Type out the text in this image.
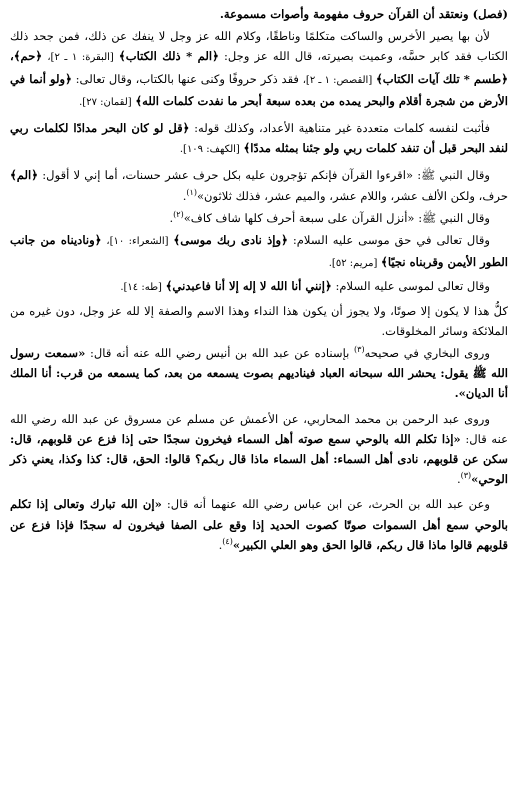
(فصل) ونعتقد أن القرآن حروف مفهومة وأصوات مسموعة.

لأن بها يصير الأخرس والساكت متكلمًا وناطقًا، وكلام الله عز وجل لا ينفك عن ذلك، فمن جحد ذلك الكتاب فقد كابر حسَّه، وعميت بصيرته، قال الله عز وجل: ﴿الم * ذلك الكتاب﴾ [البقرة: ١ ـ ٢]، ﴿حم﴾، ﴿طسم * تلك آيات الكتاب﴾ [القصص: ١ ـ ٢]، فقد ذكر حروفًا وكنى عنها بالكتاب، وقال تعالى: ﴿ولو أنما في الأرض من شجرة أقلام والبحر يمده من بعده سبعة أبحر ما نفدت كلمات الله﴾ [لقمان: ٢٧].

فأثبت لنفسه كلمات متعددة غير متناهية الأعداد، وكذلك قوله: ﴿قل لو كان البحر مدادًا لكلمات ربي لنفد البحر قبل أن تنفد كلمات ربي ولو جئنا بمثله مددًا﴾ [الكهف: ١٠٩].

وقال النبي ﷺ: «اقرءوا القرآن فإنكم تؤجرون عليه بكل حرف عشر حسنات، أما إني لا أقول: ﴿الم﴾ حرف، ولكن الألف عشر، واللام عشر، والميم عشر، فذلك ثلاثون»$^{(١)}$.

وقال النبي ﷺ: «أنزل القرآن على سبعة أحرف كلها شاف كاف»$^{(٢)}$.

وقال تعالى في حق موسى عليه السلام: ﴿وإذ نادى ربك موسى﴾ [الشعراء: ١٠]، ﴿وناديناه من جانب الطور الأيمن وقربناه نجيًا﴾ [مريم: ٥٢].

وقال تعالى لموسى عليه السلام: ﴿إنني أنا الله لا إله إلا أنا فاعبدني﴾ [طه: ١٤].

كلُّ هذا لا يكون إلا صوتًا، ولا يجوز أن يكون هذا النداء وهذا الاسم والصفة إلا لله عز وجل، دون غيره من الملائكة وسائر المخلوقات.

وروى البخاري في صحيحه$^{(٣)}$ بإسناده عن عبد الله بن أنيس رضي الله عنه أنه قال: «سمعت رسول الله ﷺ يقول: يحشر الله سبحانه العباد فيناديهم بصوت يسمعه من بعد، كما يسمعه من قرب: أنا الملك أنا الديان».

وروى عبد الرحمن بن محمد المحاربي، عن الأعمش عن مسلم عن مسروق عن عبد الله رضي الله عنه قال: «إذا تكلم الله بالوحي سمع صوته أهل السماء فيخرون سجدًا حتى إذا فزع عن قلوبهم، قال: سكن عن قلوبهم، نادى أهل السماء: أهل السماء ماذا قال ربكم؟ قالوا: الحق، قال: كذا وكذا، يعني ذكر الوحي»$^{(٣)}$.

وعن عبد الله بن الحرث، عن ابن عباس رضي الله عنهما أنه قال: «إن الله تبارك وتعالى إذا تكلم بالوحي سمع أهل السموات صوتًا كصوت الحديد إذا وقع على الصفا فيخرون له سجدًا فإذا فزع عن قلوبهم قالوا ماذا قال ربكم، قالوا الحق وهو العلي الكبير»$^{(٤)}$.
